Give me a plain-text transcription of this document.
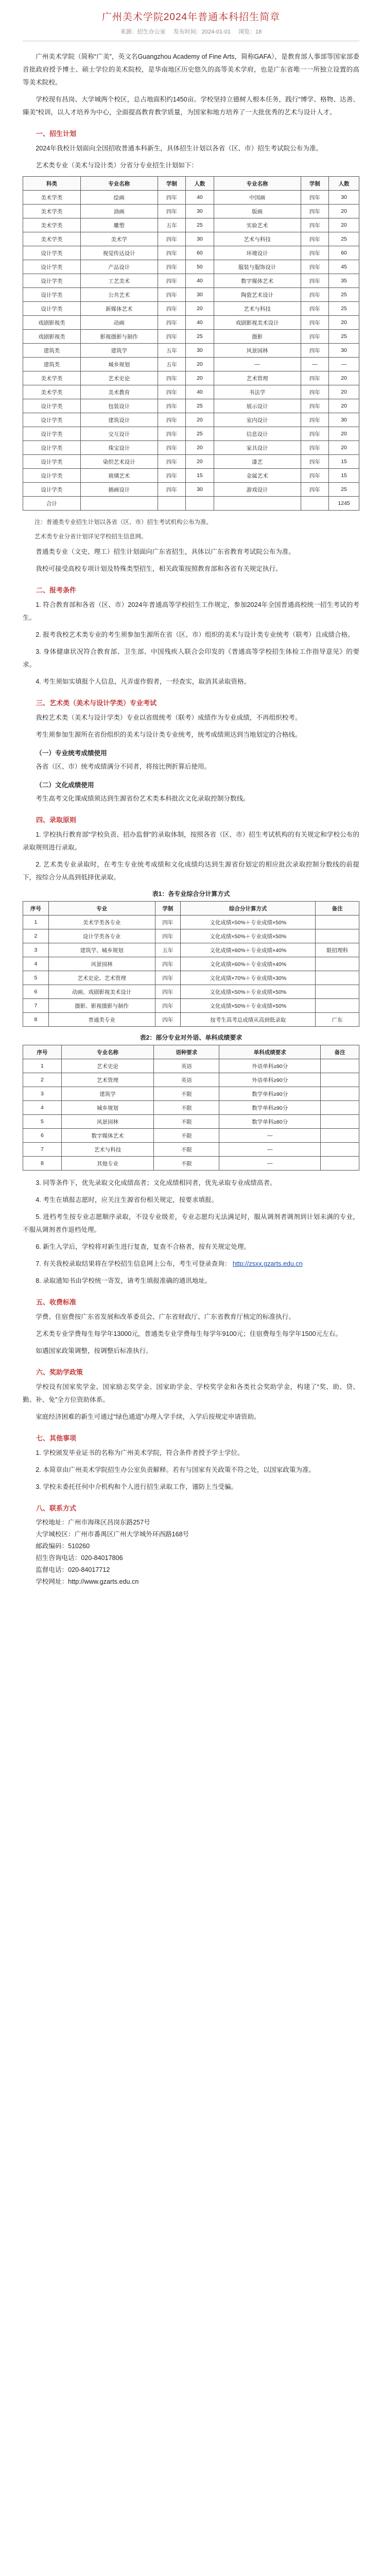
广州美术学院2024年普通本科招生简章
来源：招生办公室 发布时间：2024-01-01 浏览：18

广州美术学院（简称“广美”，英文名Guangzhou Academy of Fine Arts，简称GAFA），是教育部人事部等国家部委首批政府授予博士、硕士学位的美术院校，是华南地区历史悠久的高等美术学府，也是广东省唯一一所独立设置的高等美术院校。

学校现有昌岗、大学城两个校区，总占地面积约1450亩。学校坚持立德树人根本任务，践行“博学、格物、达善、臻美”校训，以人才培养为中心，全面提高教育教学质量，为国家和地方培养了一大批优秀的艺术与设计人才。

一、招生计划

2024年我校计划面向全国招收普通本科新生，具体招生计划以各省（区、市）招生考试院公布为准。

艺术类专业（美术与设计类）分省分专业招生计划如下：

科类	专业名称	学制	人数	专业名称	学制	人数
美术学类	绘画	四年	40	中国画	四年	30
美术学类	油画	四年	30	版画	四年	20
美术学类	雕塑	五年	25	实验艺术	四年	20
美术学类	美术学	四年	30	艺术与科技	四年	25
设计学类	视觉传达设计	四年	60	环境设计	四年	60
设计学类	产品设计	四年	50	服装与服饰设计	四年	45
设计学类	工艺美术	四年	40	数字媒体艺术	四年	35
设计学类	公共艺术	四年	30	陶瓷艺术设计	四年	25
设计学类	新媒体艺术	四年	20	艺术与科技	四年	25
戏剧影视类	动画	四年	40	戏剧影视美术设计	四年	20
戏剧影视类	影视摄影与制作	四年	25	摄影	四年	25
建筑类	建筑学	五年	30	风景园林	四年	30
建筑类	城乡规划	五年	20	—	—	—
美术学类	艺术史论	四年	20	艺术管理	四年	20
美术学类	美术教育	四年	40	书法学	四年	20
设计学类	包装设计	四年	25	展示设计	四年	20
设计学类	建筑设计	四年	20	室内设计	四年	30
设计学类	交互设计	四年	25	信息设计	四年	20
设计学类	珠宝设计	四年	20	家具设计	四年	20
设计学类	染织艺术设计	四年	20	漆艺	四年	15
设计学类	玻璃艺术	四年	15	金属艺术	四年	15
设计学类	插画设计	四年	30	游戏设计	四年	25
合计						1245

注：普通类专业招生计划以各省（区、市）招生考试机构公布为准。

艺术类专业分省计划详见学校招生信息网。

普通类专业（文史、理工）招生计划面向广东省招生，具体以广东省教育考试院公布为准。

我校可接受高校专项计划及特殊类型招生，相关政策按照教育部和各省有关规定执行。

二、报考条件

1. 符合教育部和各省（区、市）2024年普通高等学校招生工作规定，参加2024年全国普通高校统一招生考试的考生。

2. 报考我校艺术类专业的考生须参加生源所在省（区、市）组织的美术与设计类专业统考（联考）且成绩合格。

3. 身体健康状况符合教育部、卫生部、中国残疾人联合会印发的《普通高等学校招生体检工作指导意见》的要求。

4. 考生须如实填报个人信息，凡弄虚作假者，一经查实，取消其录取资格。

三、艺术类（美术与设计学类）专业考试

我校艺术类（美术与设计学类）专业以省级统考（联考）成绩作为专业成绩，不再组织校考。

考生须参加生源所在省份组织的美术与设计类专业统考，统考成绩须达到当地划定的合格线。

（一）专业统考成绩使用

各省（区、市）统考成绩满分不同者，将按比例折算后使用。

（二）文化成绩使用

考生高考文化课成绩须达到生源省份艺术类本科批次文化录取控制分数线。

四、录取原则

1. 学校执行教育部“学校负责、招办监督”的录取体制，按照各省（区、市）招生考试机构的有关规定和学校公布的录取规则进行录取。

2. 艺术类专业录取时，在考生专业统考成绩和文化成绩均达到生源省份划定的相应批次录取控制分数线的前提下，按综合分从高到低择优录取。

表1：各专业综合分计算方式
序号	专业	学制	综合分计算方式	备注
1	美术学类各专业	四年	文化成绩×50%＋专业成绩×50%	
2	设计学类各专业	四年	文化成绩×50%＋专业成绩×50%	
3	建筑学、城乡规划	五年	文化成绩×60%＋专业成绩×40%	限招理科
4	风景园林	四年	文化成绩×60%＋专业成绩×40%	
5	艺术史论、艺术管理	四年	文化成绩×70%＋专业成绩×30%	
6	动画、戏剧影视美术设计	四年	文化成绩×50%＋专业成绩×50%	
7	摄影、影视摄影与制作	四年	文化成绩×50%＋专业成绩×50%	
8	普通类专业	四年	按考生高考总成绩从高到低录取	广东
表2：部分专业对外语、单科成绩要求
序号	专业名称	语种要求	单科成绩要求	备注
1	艺术史论	英语	外语单科≥90分	
2	艺术管理	英语	外语单科≥90分	
3	建筑学	不限	数学单科≥90分	
4	城乡规划	不限	数学单科≥90分	
5	风景园林	不限	数学单科≥80分	
6	数字媒体艺术	不限	—	
7	艺术与科技	不限	—	
8	其他专业	不限	—	

3. 同等条件下，优先录取文化成绩高者；文化成绩相同者，优先录取专业成绩高者。

4. 考生在填报志愿时，应关注生源省份相关规定，按要求填报。

5. 进档考生按专业志愿顺序录取，不设专业级差，专业志愿均无法满足时，服从调剂者调剂到计划未满的专业，不服从调剂者作退档处理。

6. 新生入学后，学校将对新生进行复查，复查不合格者，按有关规定处理。

7. 有关我校录取结果将在学校招生信息网上公布，考生可登录查询： http://zsxx.gzarts.edu.cn

8. 录取通知书由学校统一寄发，请考生填报准确的通讯地址。

五、收费标准

学费、住宿费按广东省发展和改革委员会、广东省财政厅、广东省教育厅核定的标准执行。

艺术类专业学费每生每学年13000元，普通类专业学费每生每学年9100元；住宿费每生每学年1500元左右。

如遇国家政策调整，按调整后标准执行。

六、奖助学政策

学校设有国家奖学金、国家励志奖学金、国家助学金、学校奖学金和各类社会奖助学金，构建了“奖、助、贷、勤、补、免”全方位资助体系。

家庭经济困难的新生可通过“绿色通道”办理入学手续，入学后按规定申请资助。

七、其他事项

1. 学校颁发毕业证书的名称为广州美术学院，符合条件者授予学士学位。

2. 本简章由广州美术学院招生办公室负责解释。若有与国家有关政策不符之处，以国家政策为准。

3. 学校未委托任何中介机构和个人进行招生录取工作，谨防上当受骗。

八、联系方式

学校地址：广州市海珠区昌岗东路257号

大学城校区：广州市番禺区广州大学城外环西路168号

邮政编码：510260

招生咨询电话：020-84017806

监督电话：020-84017712

学校网址：http://www.gzarts.edu.cn
